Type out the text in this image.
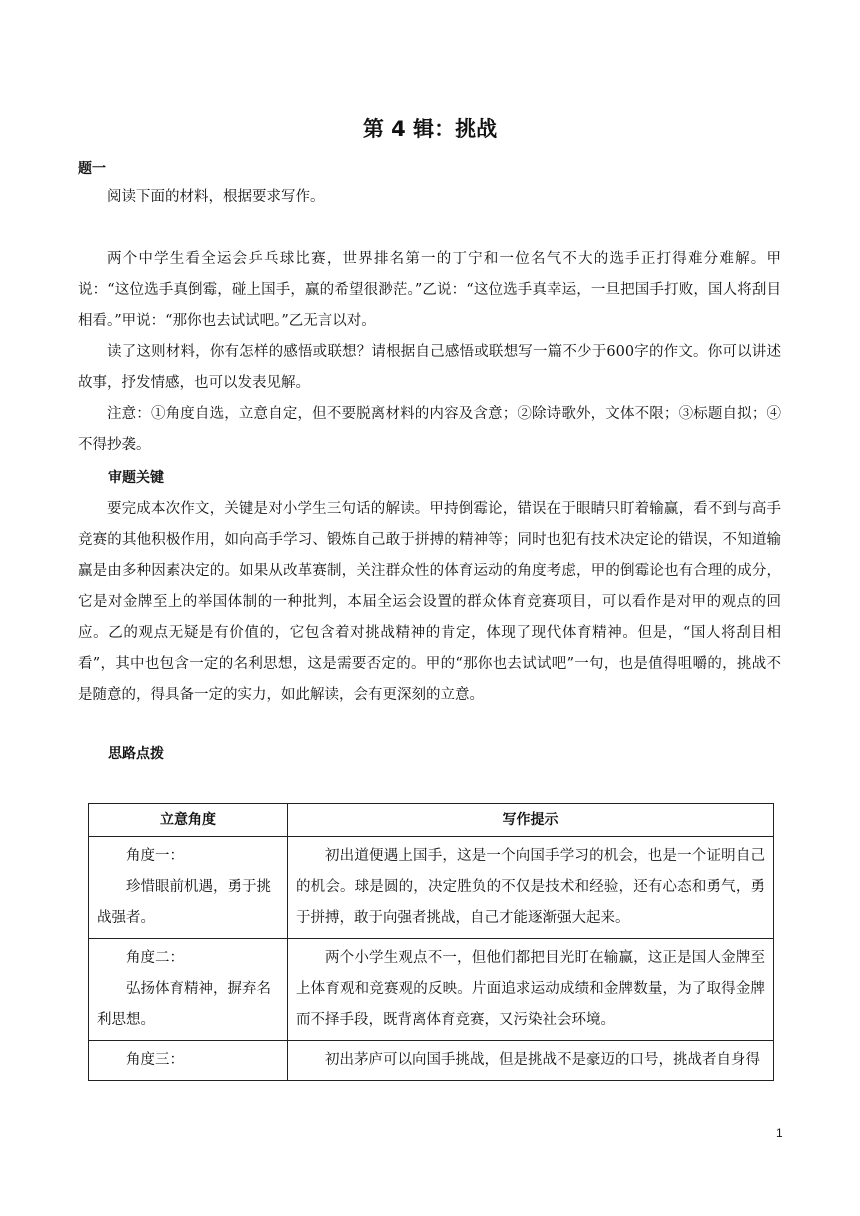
第 4 辑：挑战
题一
阅读下面的材料，根据要求写作。
两个中学生看全运会乒乓球比赛，世界排名第一的丁宁和一位名气不大的选手正打得难分难解。甲说：“这位选手真倒霉，碰上国手，赢的希望很渺茫。”乙说：“这位选手真幸运，一旦把国手打败，国人将刮目相看。”甲说：“那你也去试试吧。”乙无言以对。
读了这则材料，你有怎样的感悟或联想？请根据自己感悟或联想写一篇不少于600字的作文。你可以讲述故事，抒发情感，也可以发表见解。
注意：①角度自选，立意自定，但不要脱离材料的内容及含意；②除诗歌外，文体不限；③标题自拟；④不得抄袭。
审题关键
要完成本次作文，关键是对小学生三句话的解读。甲持倒霉论，错误在于眼睛只盯着输赢，看不到与高手竞赛的其他积极作用，如向高手学习、锻炼自己敢于拼搏的精神等；同时也犯有技术决定论的错误，不知道输赢是由多种因素决定的。如果从改革赛制，关注群众性的体育运动的角度考虑，甲的倒霉论也有合理的成分，它是对金牌至上的举国体制的一种批判，本届全运会设置的群众体育竞赛项目，可以看作是对甲的观点的回应。乙的观点无疑是有价值的，它包含着对挑战精神的肯定，体现了现代体育精神。但是，“国人将刮目相看”，其中也包含一定的名利思想，这是需要否定的。甲的“那你也去试试吧”一句，也是值得咀嚼的，挑战不是随意的，得具备一定的实力，如此解读，会有更深刻的立意。
思路点拨
立意角度	写作提示

角度一：
珍惜眼前机遇，勇于挑战强者。	初出道便遇上国手，这是一个向国手学习的机会，也是一个证明自己的机会。球是圆的，决定胜负的不仅是技术和经验，还有心态和勇气，勇于拼搏，敢于向强者挑战，自己才能逐渐强大起来。

角度二：
弘扬体育精神，摒弃名利思想。	两个小学生观点不一，但他们都把目光盯在输赢，这正是国人金牌至上体育观和竞赛观的反映。片面追求运动成绩和金牌数量，为了取得金牌而不择手段，既背离体育竞赛，又污染社会环境。

角度三：	初出茅庐可以向国手挑战，但是挑战不是豪迈的口号，挑战者自身得
1
